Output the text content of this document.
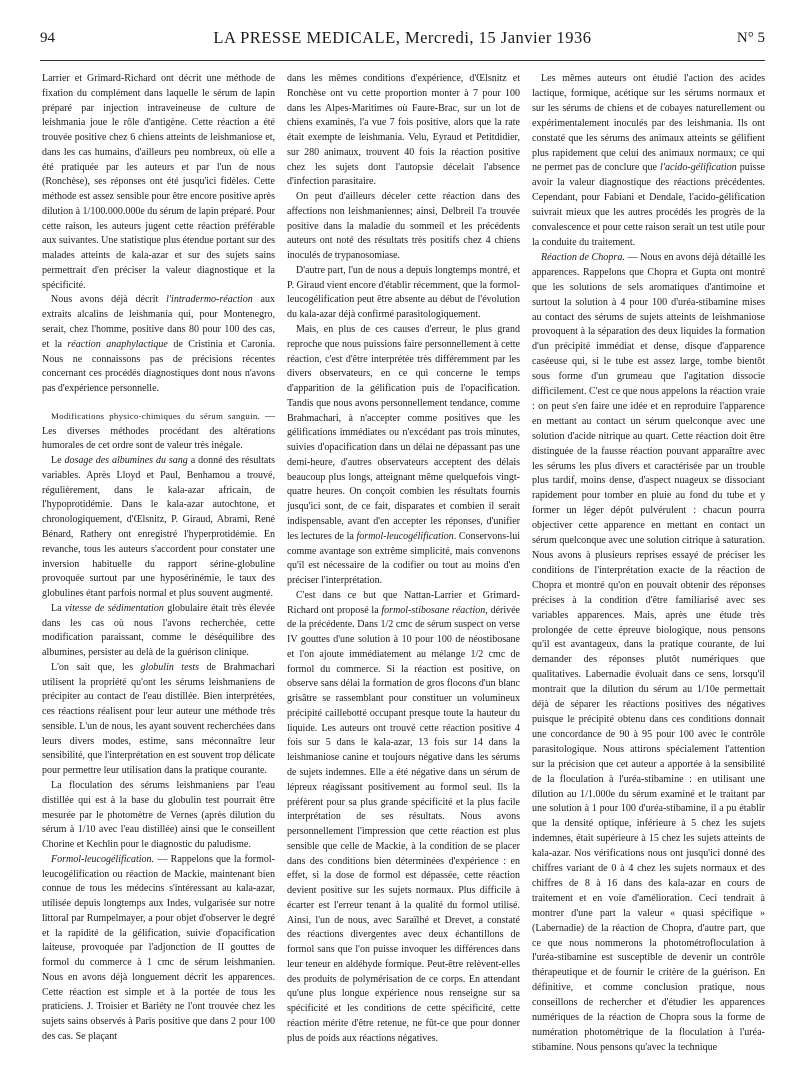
94	LA PRESSE MEDICALE, Mercredi, 15 Janvier 1936	N° 5

Larrier et Grimard-Richard ont décrit une méthode de fixation du complément dans laquelle le sérum de lapin préparé par injection intraveineuse de culture de leishmania joue le rôle d'antigène. Cette réaction a été trouvée positive chez 6 chiens atteints de leishmaniose et, dans les cas humains, d'ailleurs peu nombreux, où elle a été pratiquée par les auteurs et par l'un de nous (Ronchèse), ses réponses ont été jusqu'ici fidèles. Cette méthode est assez sensible pour être encore positive après dilution à 1/100.000.000e du sérum de lapin préparé. Pour cette raison, les auteurs jugent cette réaction préférable aux suivantes. Une statistique plus étendue portant sur des malades atteints de kala-azar et sur des sujets sains permettrait d'en préciser la valeur diagnostique et la spécificité.

Nous avons déjà décrit l'intradermo-réaction aux extraits alcalins de leishmania qui, pour Montenegro, serait, chez l'homme, positive dans 80 pour 100 des cas, et la réaction anaphylactique de Cristinia et Caronia. Nous ne connaissons pas de précisions récentes concernant ces procédés diagnostiques dont nous n'avons pas d'expérience personnelle.

Modifications physico-chimiques du sérum sanguin. — Les diverses méthodes procédant des altérations humorales de cet ordre sont de valeur très inégale.

Le dosage des albumines du sang a donné des résultats variables. Après Lloyd et Paul, Benhamou a trouvé, régulièrement, dans le kala-azar africain, de l'hypoprotidémie. Dans le kala-azar autochtone, et chronologiquement, d'Œlsnitz, P. Giraud, Abrami, René Bénard, Rathery ont enregistré l'hyperprotidémie. En revanche, tous les auteurs s'accordent pour constater une inversion habituelle du rapport sérine-globuline provoquée surtout par une hyposérinémie, le taux des globulines étant parfois normal et plus souvent augmenté.

La vitesse de sédimentation globulaire était très élevée dans les cas où nous l'avons recherchée, cette modification paraissant, comme le déséquilibre des albumines, persister au delà de la guérison clinique.

L'on sait que, les globulin tests de Brahmachari utilisent la propriété qu'ont les sérums leishmaniens de précipiter au contact de l'eau distillée. Bien interprétées, ces réactions réalisent pour leur auteur une méthode très sensible. L'un de nous, les ayant souvent recherchées dans leurs divers modes, estime, sans méconnaître leur sensibilité, que l'interprétation en est souvent trop délicate pour permettre leur utilisation dans la pratique courante.

La floculation des sérums leishmaniens par l'eau distillée qui est à la base du globulin test pourrait être mesurée par le photomètre de Vernes (après dilution du sérum à 1/10 avec l'eau distillée) ainsi que le conseillent Chorine et Kechlin pour le diagnostic du paludisme.

Formol-leucogélification. — Rappelons que la formol-leucogélification ou réaction de Mackie, maintenant bien connue de tous les médecins s'intéressant au kala-azar, utilisée depuis longtemps aux Indes, vulgarisée sur notre littoral par Rumpelmayer, a pour objet d'observer le degré et la rapidité de la gélification, suivie d'opacification laiteuse, provoquée par l'adjonction de II gouttes de formol du commerce à 1 cmc de sérum leishmanien. Nous en avons déjà longuement décrit les apparences. Cette réaction est simple et à la portée de tous les praticiens. J. Troisier et Bariéty ne l'ont trouvée chez les sujets sains observés à Paris positive que dans 2 pour 100 des cas. Se plaçant

dans les mêmes conditions d'expérience, d'Œlsnitz et Ronchèse ont vu cette proportion monter à 7 pour 100 dans les Alpes-Maritimes où Faure-Brac, sur un lot de chiens examinés, l'a vue 7 fois positive, alors que la rate était exempte de leishmania. Velu, Eyraud et Petitdidier, sur 280 animaux, trouvent 40 fois la réaction positive chez les sujets dont l'autopsie décelait l'absence d'infection parasitaire.

On peut d'ailleurs déceler cette réaction dans des affections non leishmaniennes; ainsi, Delbreil l'a trouvée positive dans la maladie du sommeil et les précédents auteurs ont noté des résultats très positifs chez 4 chiens inoculés de trypanosomiase.

D'autre part, l'un de nous a depuis longtemps montré, et P. Giraud vient encore d'établir récemment, que la formol-leucogélification peut être absente au début de l'évolution du kala-azar déjà confirmé parasitologiquement.

Mais, en plus de ces causes d'erreur, le plus grand reproche que nous puissions faire personnellement à cette réaction, c'est d'être interprétée très différemment par les divers observateurs, en ce qui concerne le temps d'apparition de la gélification puis de l'opacification. Tandis que nous avons personnellement tendance, comme Brahmachari, à n'accepter comme positives que les gélifications immédiates ou n'excédant pas trois minutes, suivies d'opacification dans un délai ne dépassant pas une demi-heure, d'autres observateurs acceptent des délais beaucoup plus longs, atteignant même quelquefois vingt-quatre heures. On conçoit combien les résultats fournis jusqu'ici sont, de ce fait, disparates et combien il serait indispensable, avant d'en accepter les réponses, d'unifier les lectures de la formol-leucogélification. Conservons-lui comme avantage son extrême simplicité, mais convenons qu'il est nécessaire de la codifier ou tout au moins d'en préciser l'interprétation.

C'est dans ce but que Nattan-Larrier et Grimard-Richard ont proposé la formol-stibosane réaction, dérivée de la précédente. Dans 1/2 cmc de sérum suspect on verse IV gouttes d'une solution à 10 pour 100 de néostibosane et l'on ajoute immédiatement au mélange 1/2 cmc de formol du commerce. Si la réaction est positive, on observe sans délai la formation de gros flocons d'un blanc grisâtre se rassemblant pour constituer un volumineux précipité caillebotté occupant presque toute la hauteur du liquide. Les auteurs ont trouvé cette réaction positive 4 fois sur 5 dans le kala-azar, 13 fois sur 14 dans la leishmaniose canine et toujours négative dans les sérums de sujets indemnes. Elle a été négative dans un sérum de lépreux réagissant positivement au formol seul. Ils la préfèrent pour sa plus grande spécificité et la plus facile interprétation de ses résultats. Nous avons personnellement l'impression que cette réaction est plus sensible que celle de Mackie, à la condition de se placer dans des conditions bien déterminées d'expérience : en effet, si la dose de formol est dépassée, cette réaction devient positive sur les sujets normaux. Plus difficile à écarter est l'erreur tenant à la qualité du formol utilisé. Ainsi, l'un de nous, avec Saraïlhé et Drevet, a constaté des réactions divergentes avec deux échantillons de formol sans que l'on puisse invoquer les différences dans leur teneur en aldéhyde formique. Peut-être relèvent-elles des produits de polymérisation de ce corps. En attendant qu'une plus longue expérience nous renseigne sur sa spécificité et les conditions de cette spécificité, cette réaction mérite d'être retenue, ne fût-ce que pour donner plus de poids aux réactions négatives.

Les mêmes auteurs ont étudié l'action des acides lactique, formique, acétique sur les sérums normaux et sur les sérums de chiens et de cobayes naturellement ou expérimentalement inoculés par des leishmania. Ils ont constaté que les sérums des animaux atteints se gélifient plus rapidement que celui des animaux normaux; ce qui ne permet pas de conclure que l'acido-gélification puisse avoir la valeur diagnostique des réactions précédentes. Cependant, pour Fabiani et Dendale, l'acido-gélification suivrait mieux que les autres procédés les progrès de la convalescence et pour cette raison serait un test utile pour la conduite du traitement.

Réaction de Chopra. — Nous en avons déjà détaillé les apparences. Rappelons que Chopra et Gupta ont montré que les solutions de sels aromatiques d'antimoine et surtout la solution à 4 pour 100 d'uréa-stibamine mises au contact des sérums de sujets atteints de leishmaniose provoquent à la séparation des deux liquides la formation d'un précipité immédiat et dense, disque d'apparence caséeuse qui, si le tube est assez large, tombe bientôt sous forme d'un grumeau que l'agitation dissocie difficilement. C'est ce que nous appelons la réaction vraie : on peut s'en faire une idée et en reproduire l'apparence en mettant au contact un sérum quelconque avec une solution d'acide nitrique au quart. Cette réaction doit être distinguée de la fausse réaction pouvant apparaître avec les sérums les plus divers et caractérisée par un trouble plus tardif, moins dense, d'aspect nuageux se dissociant rapidement pour tomber en pluie au fond du tube et y former un léger dépôt pulvérulent : chacun pourra objectiver cette apparence en mettant en contact un sérum quelconque avec une solution citrique à saturation. Nous avons à plusieurs reprises essayé de préciser les conditions de l'interprétation exacte de la réaction de Chopra et montré qu'on en pouvait obtenir des réponses précises à la condition d'être familiarisé avec ses variables apparences. Mais, après une étude très prolongée de cette épreuve biologique, nous pensons qu'il est avantageux, dans la pratique courante, de lui demander des réponses plutôt numériques que qualitatives. Labernadie évoluait dans ce sens, lorsqu'il montrait que la dilution du sérum au 1/10e permettait déjà de séparer les réactions positives des négatives puisque le précipité obtenu dans ces conditions donnait une concordance de 90 à 95 pour 100 avec le contrôle parasitologique. Nous attirons spécialement l'attention sur la précision que cet auteur a apportée à la sensibilité de la floculation à l'uréa-stibamine : en utilisant une dilution au 1/1.000e du sérum examiné et le traitant par une solution à 1 pour 100 d'uréa-stibamine, il a pu établir que la densité optique, inférieure à 5 chez les sujets indemnes, était supérieure à 15 chez les sujets atteints de kala-azar. Nos vérifications nous ont jusqu'ici donné des chiffres variant de 0 à 4 chez les sujets normaux et des chiffres de 8 à 16 dans des kala-azar en cours de traitement et en voie d'amélioration. Ceci tendrait à montrer d'une part la valeur « quasi spécifique » (Labernadie) de la réaction de Chopra, d'autre part, que ce que nous nommerons la photométrofloculation à l'uréa-stibamine est susceptible de devenir un contrôle thérapeutique et de fournir le critère de la guérison. En définitive, et comme conclusion pratique, nous conseillons de rechercher et d'étudier les apparences numériques de la réaction de Chopra sous la forme de numération photométrique de la floculation à l'uréa-stibamine. Nous pensons qu'avec la technique
